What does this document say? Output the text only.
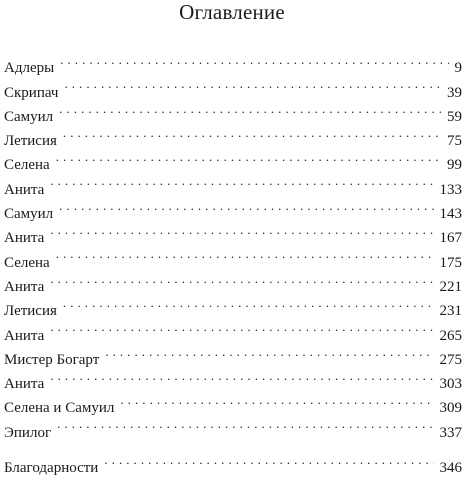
Оглавление
Адлеры . . .	9
Скрипач . . .	39
Самуил . . .	59
Летисия . . .	75
Селена . . .	99
Анита . . .	133
Самуил . . .	143
Анита . . .	167
Селена . . .	175
Анита . . .	221
Летисия . . .	231
Анита . . .	265
Мистер Богарт . . .	275
Анита . . .	303
Селена и Самуил . . .	309
Эпилог . . .	337
Благодарности . . .	346
